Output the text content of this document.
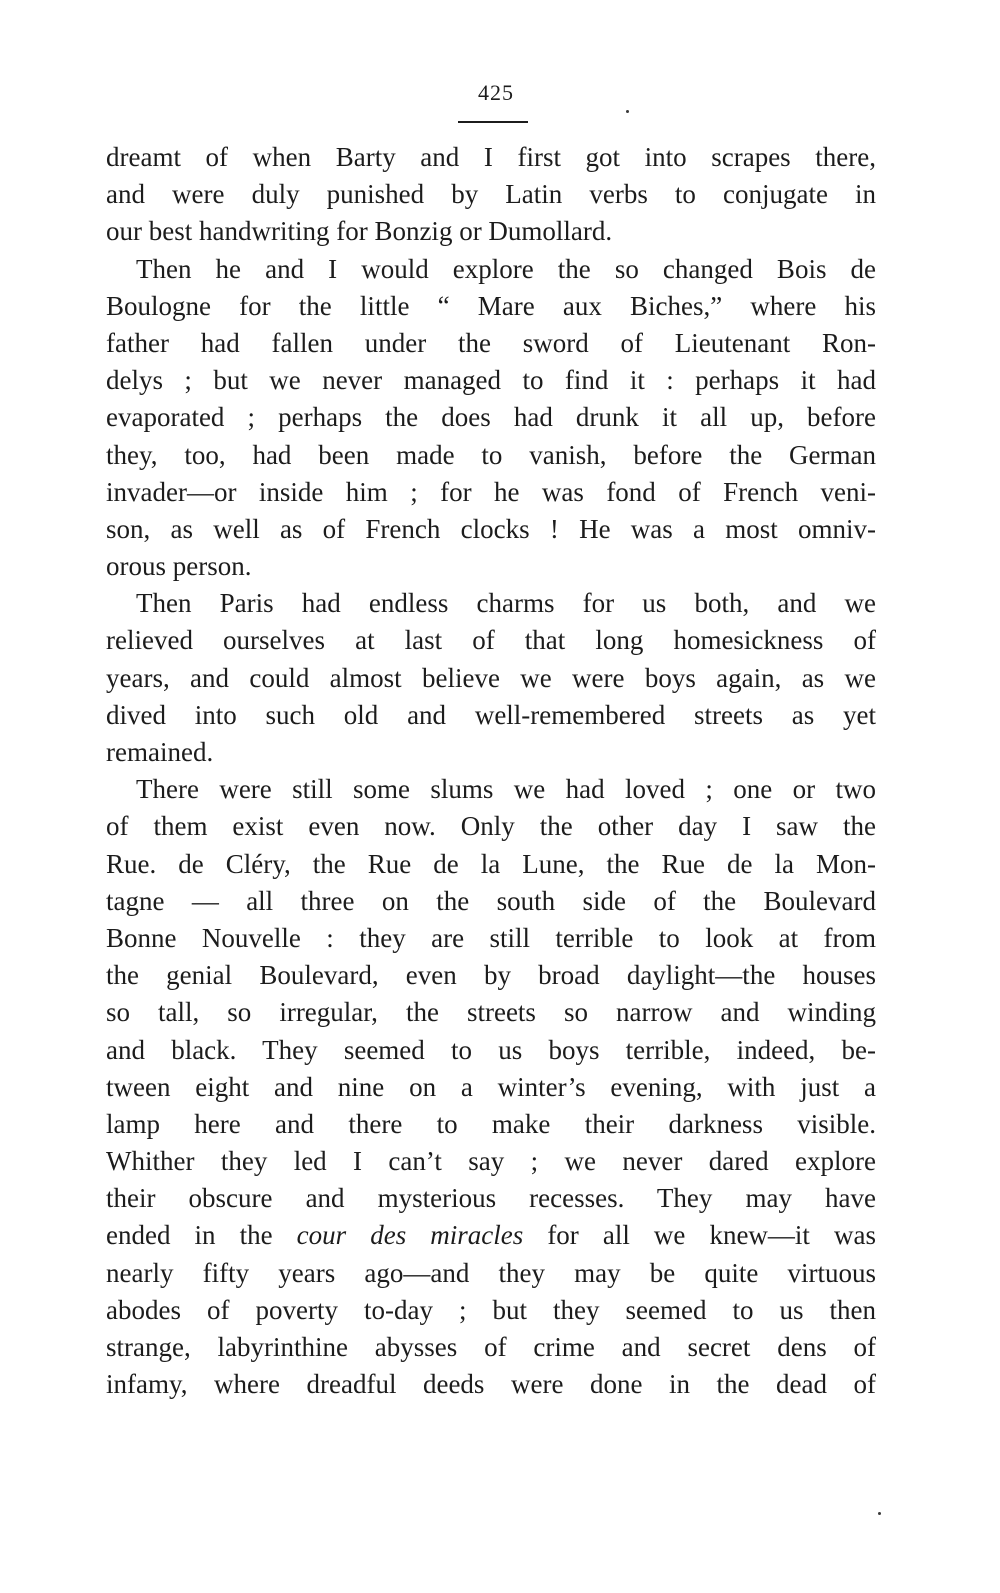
425
dreamt of when Barty and I first got into scrapes there,
and were duly punished by Latin verbs to conjugate in
our best handwriting for Bonzig or Dumollard.
Then he and I would explore the so changed Bois de
Boulogne for the little “ Mare aux Biches,” where his
father had fallen under the sword of Lieutenant Ron-
delys ; but we never managed to find it : perhaps it had
evaporated ; perhaps the does had drunk it all up, before
they, too, had been made to vanish, before the German
invader—or inside him ; for he was fond of French veni-
son, as well as of French clocks ! He was a most omniv-
orous person.
Then Paris had endless charms for us both, and we
relieved ourselves at last of that long homesickness of
years, and could almost believe we were boys again, as we
dived into such old and well-remembered streets as yet
remained.
There were still some slums we had loved ; one or two
of them exist even now. Only the other day I saw the
Rue. de Cléry, the Rue de la Lune, the Rue de la Mon-
tagne — all three on the south side of the Boulevard
Bonne Nouvelle : they are still terrible to look at from
the genial Boulevard, even by broad daylight—the houses
so tall, so irregular, the streets so narrow and winding
and black. They seemed to us boys terrible, indeed, be-
tween eight and nine on a winter’s evening, with just a
lamp here and there to make their darkness visible.
Whither they led I can’t say ; we never dared explore
their obscure and mysterious recesses. They may have
ended in the cour des miracles for all we knew—it was
nearly fifty years ago—and they may be quite virtuous
abodes of poverty to-day ; but they seemed to us then
strange, labyrinthine abysses of crime and secret dens of
infamy, where dreadful deeds were done in the dead of
